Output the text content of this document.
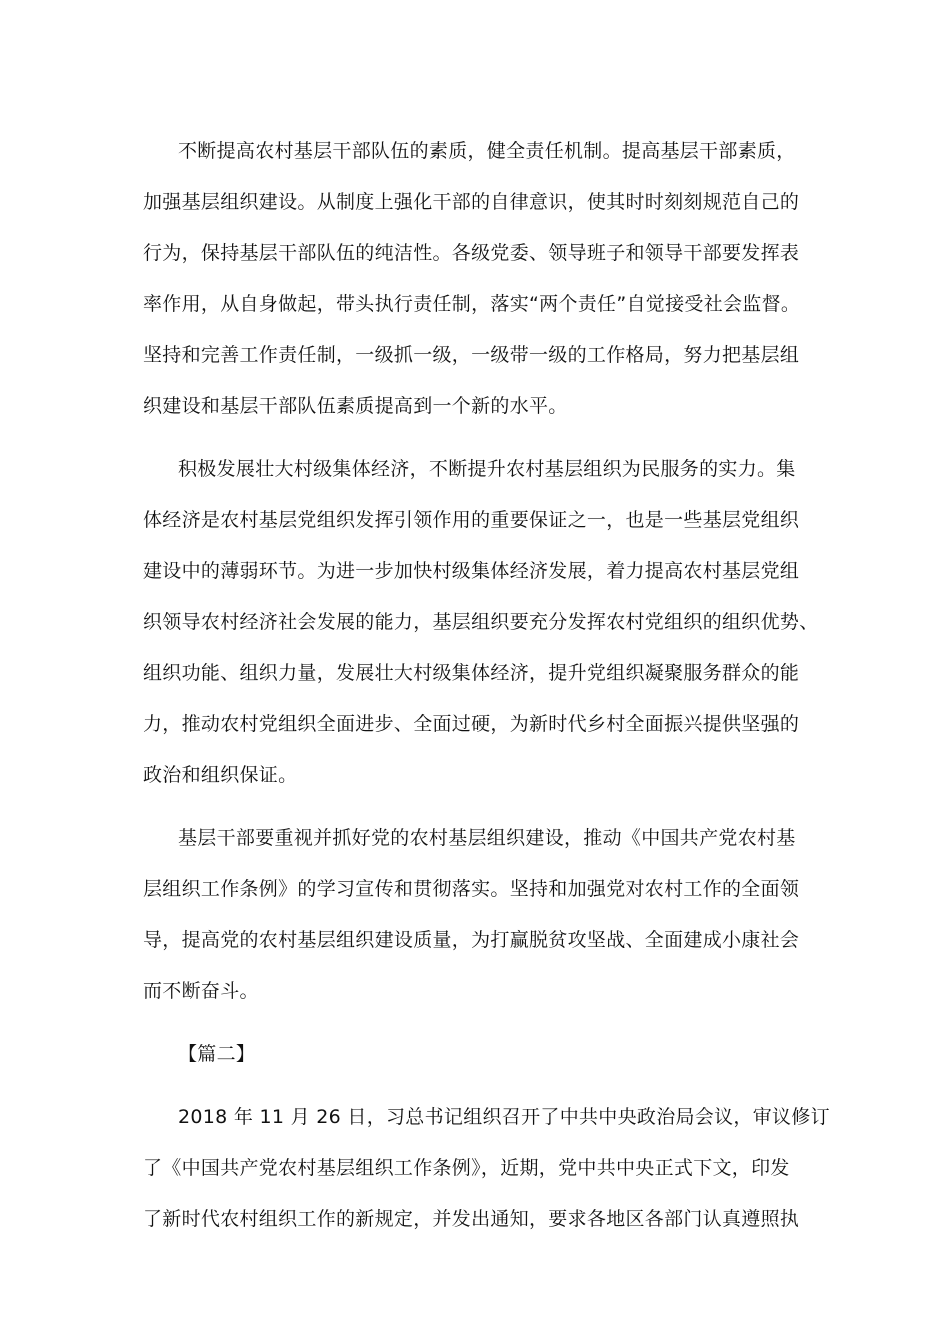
不断提高农村基层干部队伍的素质，健全责任机制。提高基层干部素质，
加强基层组织建设。从制度上强化干部的自律意识，使其时时刻刻规范自己的
行为，保持基层干部队伍的纯洁性。各级党委、领导班子和领导干部要发挥表
率作用，从自身做起，带头执行责任制，落实“两个责任”自觉接受社会监督。
坚持和完善工作责任制，一级抓一级，一级带一级的工作格局，努力把基层组
织建设和基层干部队伍素质提高到一个新的水平。
积极发展壮大村级集体经济，不断提升农村基层组织为民服务的实力。集
体经济是农村基层党组织发挥引领作用的重要保证之一，也是一些基层党组织
建设中的薄弱环节。为进一步加快村级集体经济发展，着力提高农村基层党组
织领导农村经济社会发展的能力，基层组织要充分发挥农村党组织的组织优势、
组织功能、组织力量，发展壮大村级集体经济，提升党组织凝聚服务群众的能
力，推动农村党组织全面进步、全面过硬，为新时代乡村全面振兴提供坚强的
政治和组织保证。
基层干部要重视并抓好党的农村基层组织建设，推动《中国共产党农村基
层组织工作条例》的学习宣传和贯彻落实。坚持和加强党对农村工作的全面领
导，提高党的农村基层组织建设质量，为打赢脱贫攻坚战、全面建成小康社会
而不断奋斗。
【篇二】
2018 年 11 月 26 日，习总书记组织召开了中共中央政治局会议，审议修订
了《中国共产党农村基层组织工作条例》，近期，党中共中央正式下文，印发
了新时代农村组织工作的新规定，并发出通知，要求各地区各部门认真遵照执
